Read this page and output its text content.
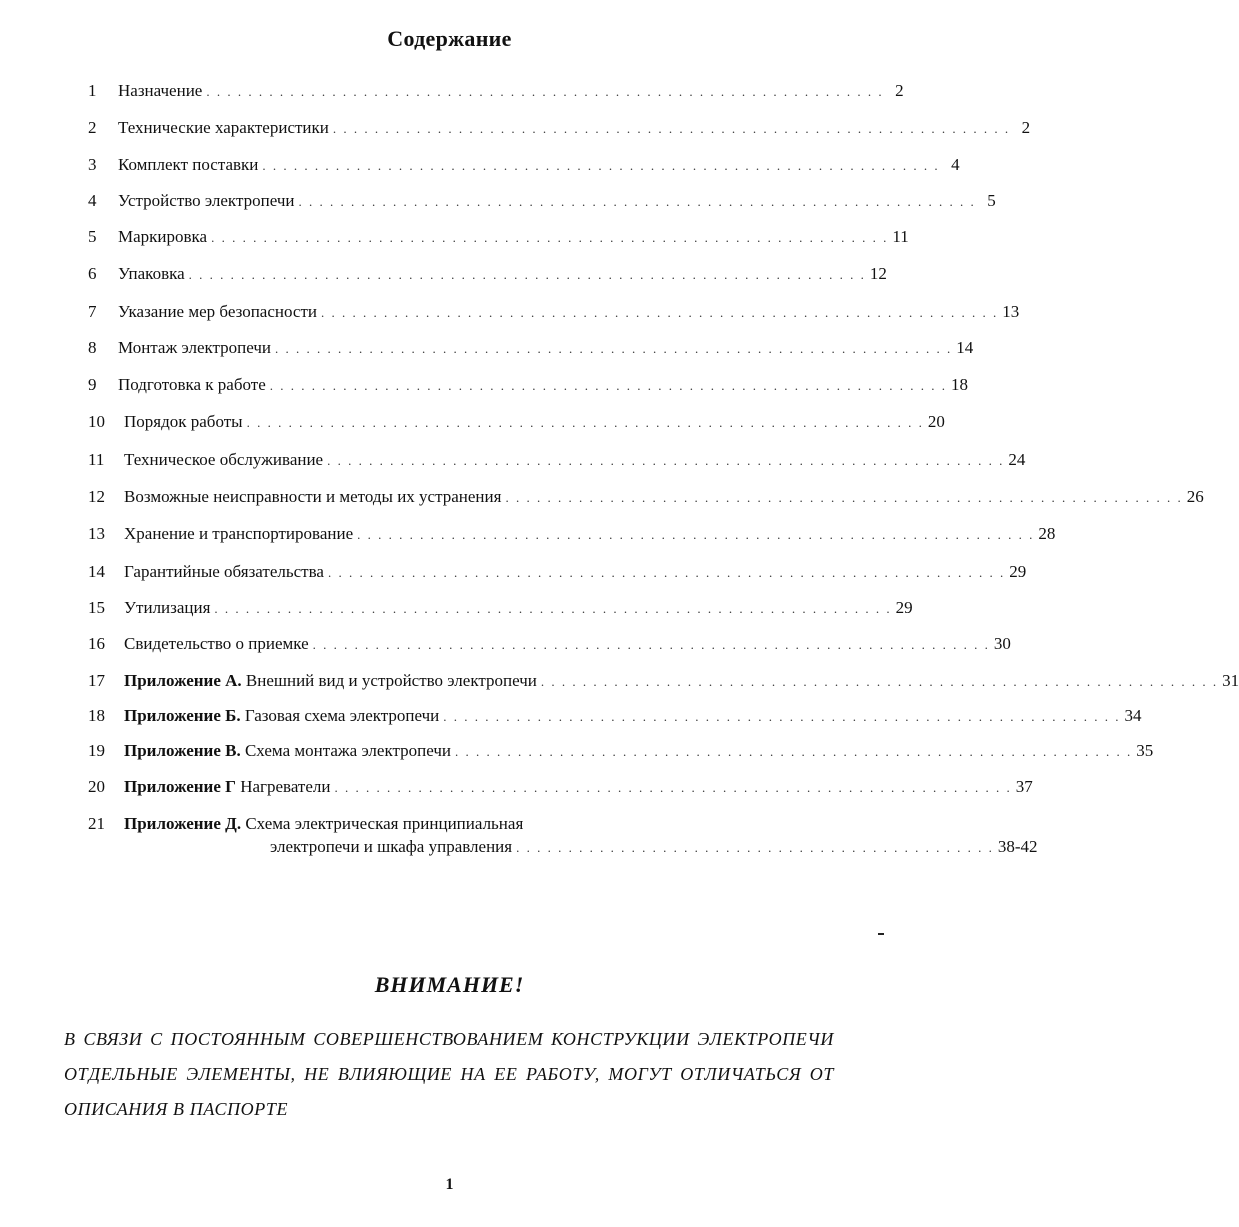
Содержание
1	Назначение . . . . . . . . . . . . . . . . . . . . . . . . . . . . . . . . . . . . . . . . . . . . . . . . . . . . . . . . . . . . . . . . . 2
2	Технические характеристики . . . . . . . . . . . . . . . . . . . . . . . . . . . . . . . . . . . . . . . . . . . . . . . . . . . . . . . . . . . . . . . . . 2
3	Комплект поставки . . . . . . . . . . . . . . . . . . . . . . . . . . . . . . . . . . . . . . . . . . . . . . . . . . . . . . . . . . . . . . . . . 4
4	Устройство электропечи . . . . . . . . . . . . . . . . . . . . . . . . . . . . . . . . . . . . . . . . . . . . . . . . . . . . . . . . . . . . . . . . . 5
5	Маркировка . . . . . . . . . . . . . . . . . . . . . . . . . . . . . . . . . . . . . . . . . . . . . . . . . . . . . . . . . . . . . . . . . 11
6	Упаковка . . . . . . . . . . . . . . . . . . . . . . . . . . . . . . . . . . . . . . . . . . . . . . . . . . . . . . . . . . . . . . . . . 12
7	Указание мер безопасности . . . . . . . . . . . . . . . . . . . . . . . . . . . . . . . . . . . . . . . . . . . . . . . . . . . . . . . . . . . . . . . . . 13
8	Монтаж электропечи . . . . . . . . . . . . . . . . . . . . . . . . . . . . . . . . . . . . . . . . . . . . . . . . . . . . . . . . . . . . . . . . . 14
9	Подготовка к работе . . . . . . . . . . . . . . . . . . . . . . . . . . . . . . . . . . . . . . . . . . . . . . . . . . . . . . . . . . . . . . . . . 18
10	Порядок работы . . . . . . . . . . . . . . . . . . . . . . . . . . . . . . . . . . . . . . . . . . . . . . . . . . . . . . . . . . . . . . . . . 20
11	Техническое обслуживание . . . . . . . . . . . . . . . . . . . . . . . . . . . . . . . . . . . . . . . . . . . . . . . . . . . . . . . . . . . . . . . . . 24
12	Возможные неисправности и методы их устранения . . . . . . . . . . . . . . . . . . . . . . . . . . . . . . . . . . . . . . . . . . . . . . . . . . . . . . . . . . . . . . . . . 26
13	Хранение и транспортирование . . . . . . . . . . . . . . . . . . . . . . . . . . . . . . . . . . . . . . . . . . . . . . . . . . . . . . . . . . . . . . . . . 28
14	Гарантийные обязательства . . . . . . . . . . . . . . . . . . . . . . . . . . . . . . . . . . . . . . . . . . . . . . . . . . . . . . . . . . . . . . . . . 29
15	Утилизация . . . . . . . . . . . . . . . . . . . . . . . . . . . . . . . . . . . . . . . . . . . . . . . . . . . . . . . . . . . . . . . . . 29
16	Свидетельство о приемке . . . . . . . . . . . . . . . . . . . . . . . . . . . . . . . . . . . . . . . . . . . . . . . . . . . . . . . . . . . . . . . . . 30
17	Приложение А. Внешний вид и устройство электропечи . . . . . . . . . . . . . . . . . . . . . . . . . . . . . . . . . . . . . . . . . . . . . . . . . . . . . . . . . . . . . . . . . 31
18	Приложение Б. Газовая схема электропечи . . . . . . . . . . . . . . . . . . . . . . . . . . . . . . . . . . . . . . . . . . . . . . . . . . . . . . . . . . . . . . . . . 34
19	Приложение В. Схема монтажа электропечи . . . . . . . . . . . . . . . . . . . . . . . . . . . . . . . . . . . . . . . . . . . . . . . . . . . . . . . . . . . . . . . . . 35
20	Приложение Г Нагреватели . . . . . . . . . . . . . . . . . . . . . . . . . . . . . . . . . . . . . . . . . . . . . . . . . . . . . . . . . . . . . . . . . 37
21	Приложение Д. Схема электрическая принципиальная
электропечи и шкафа управления . . . . . . . . . . . . . . . . . . . . . . . . . . . . . . . . . . . . . . . . . . . . . . 38-42
ВНИМАНИЕ!
В СВЯЗИ С ПОСТОЯННЫМ СОВЕРШЕНСТВОВАНИЕМ КОНСТРУКЦИИ ЭЛЕКТРОПЕЧИ ОТДЕЛЬНЫЕ ЭЛЕМЕНТЫ, НЕ ВЛИЯЮЩИЕ НА ЕЕ РАБОТУ, МОГУТ ОТЛИЧАТЬСЯ ОТ ОПИСАНИЯ В ПАСПОРТЕ
1
